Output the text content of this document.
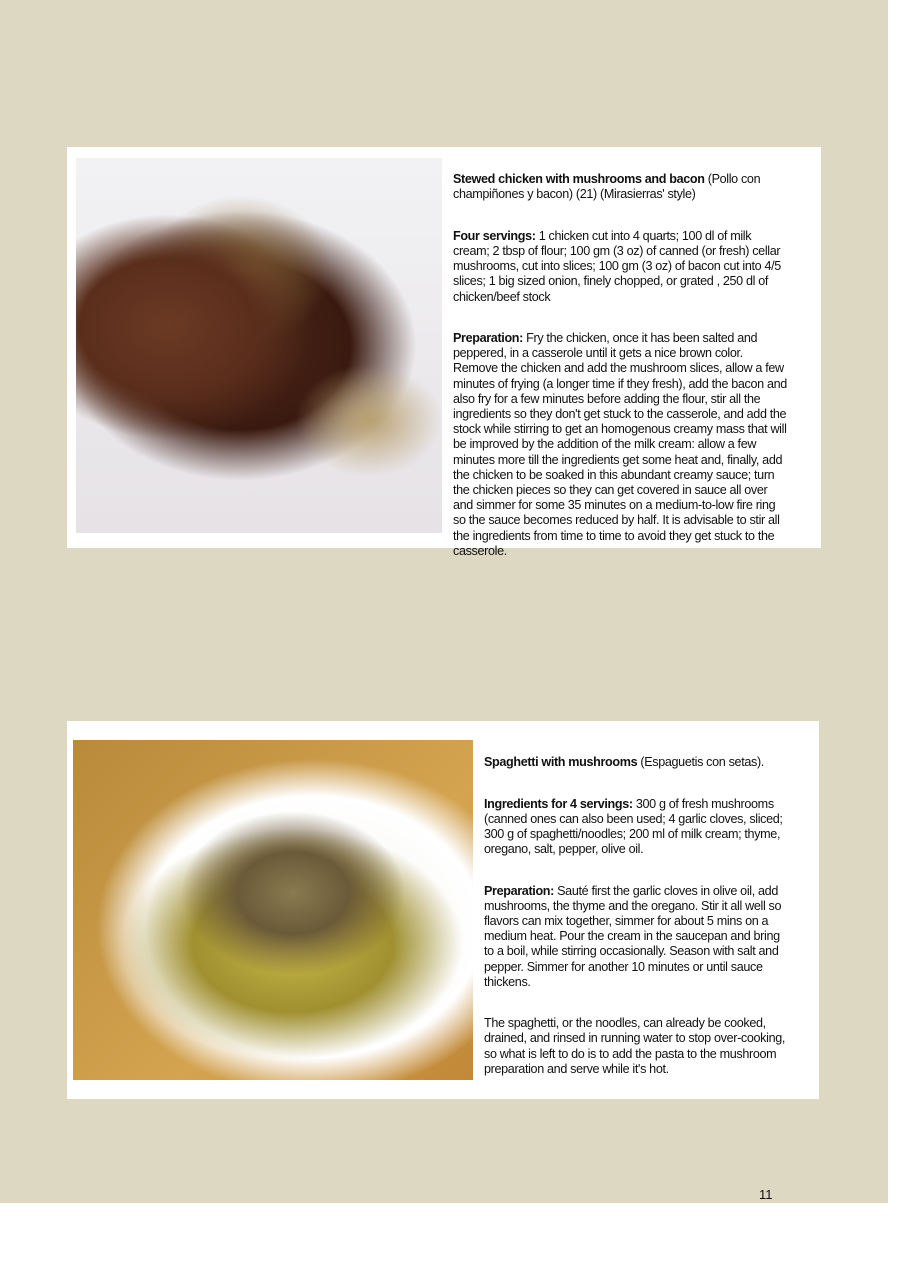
Stewed chicken with mushrooms and bacon (Pollo con
champiñones y bacon) (21) (Mirasierras' style)

Four servings: 1 chicken cut into 4 quarts; 100 dl of milk
cream; 2 tbsp of flour; 100 gm (3 oz) of canned (or fresh) cellar
mushrooms, cut into slices; 100 gm (3 oz) of bacon cut into 4/5
slices; 1 big sized onion, finely chopped, or grated , 250 dl of
chicken/beef stock

Preparation: Fry the chicken, once it has been salted and
peppered, in a casserole until it gets a nice brown color.
Remove the chicken and add the mushroom slices, allow a few
minutes of frying (a longer time if they fresh), add the bacon and
also fry for a few minutes before adding the flour, stir all the
ingredients so they don't get stuck to the casserole, and add the
stock while stirring to get an homogenous creamy mass that will
be improved by the addition of the milk cream: allow a few
minutes more till the ingredients get some heat and, finally, add
the chicken to be soaked in this abundant creamy sauce; turn
the chicken pieces so they can get covered in sauce all over
and simmer for some 35 minutes on a medium-to-low fire ring
so the sauce becomes reduced by half. It is advisable to stir all
the ingredients from time to time to avoid they get stuck to the
casserole.

Spaghetti with mushrooms (Espaguetis con setas).

Ingredients for 4 servings: 300 g of fresh mushrooms
(canned ones can also been used; 4 garlic cloves, sliced;
300 g of spaghetti/noodles; 200 ml of milk cream; thyme,
oregano, salt, pepper, olive oil.

Preparation: Sauté first the garlic cloves in olive oil, add
mushrooms, the thyme and the oregano. Stir it all well so
flavors can mix together, simmer for about 5 mins on a
medium heat. Pour the cream in the saucepan and bring
to a boil, while stirring occasionally. Season with salt and
pepper. Simmer for another 10 minutes or until sauce
thickens.

The spaghetti, or the noodles, can already be cooked,
drained, and rinsed in running water to stop over-cooking,
so what is left to do is to add the pasta to the mushroom
preparation and serve while it's hot.

11
